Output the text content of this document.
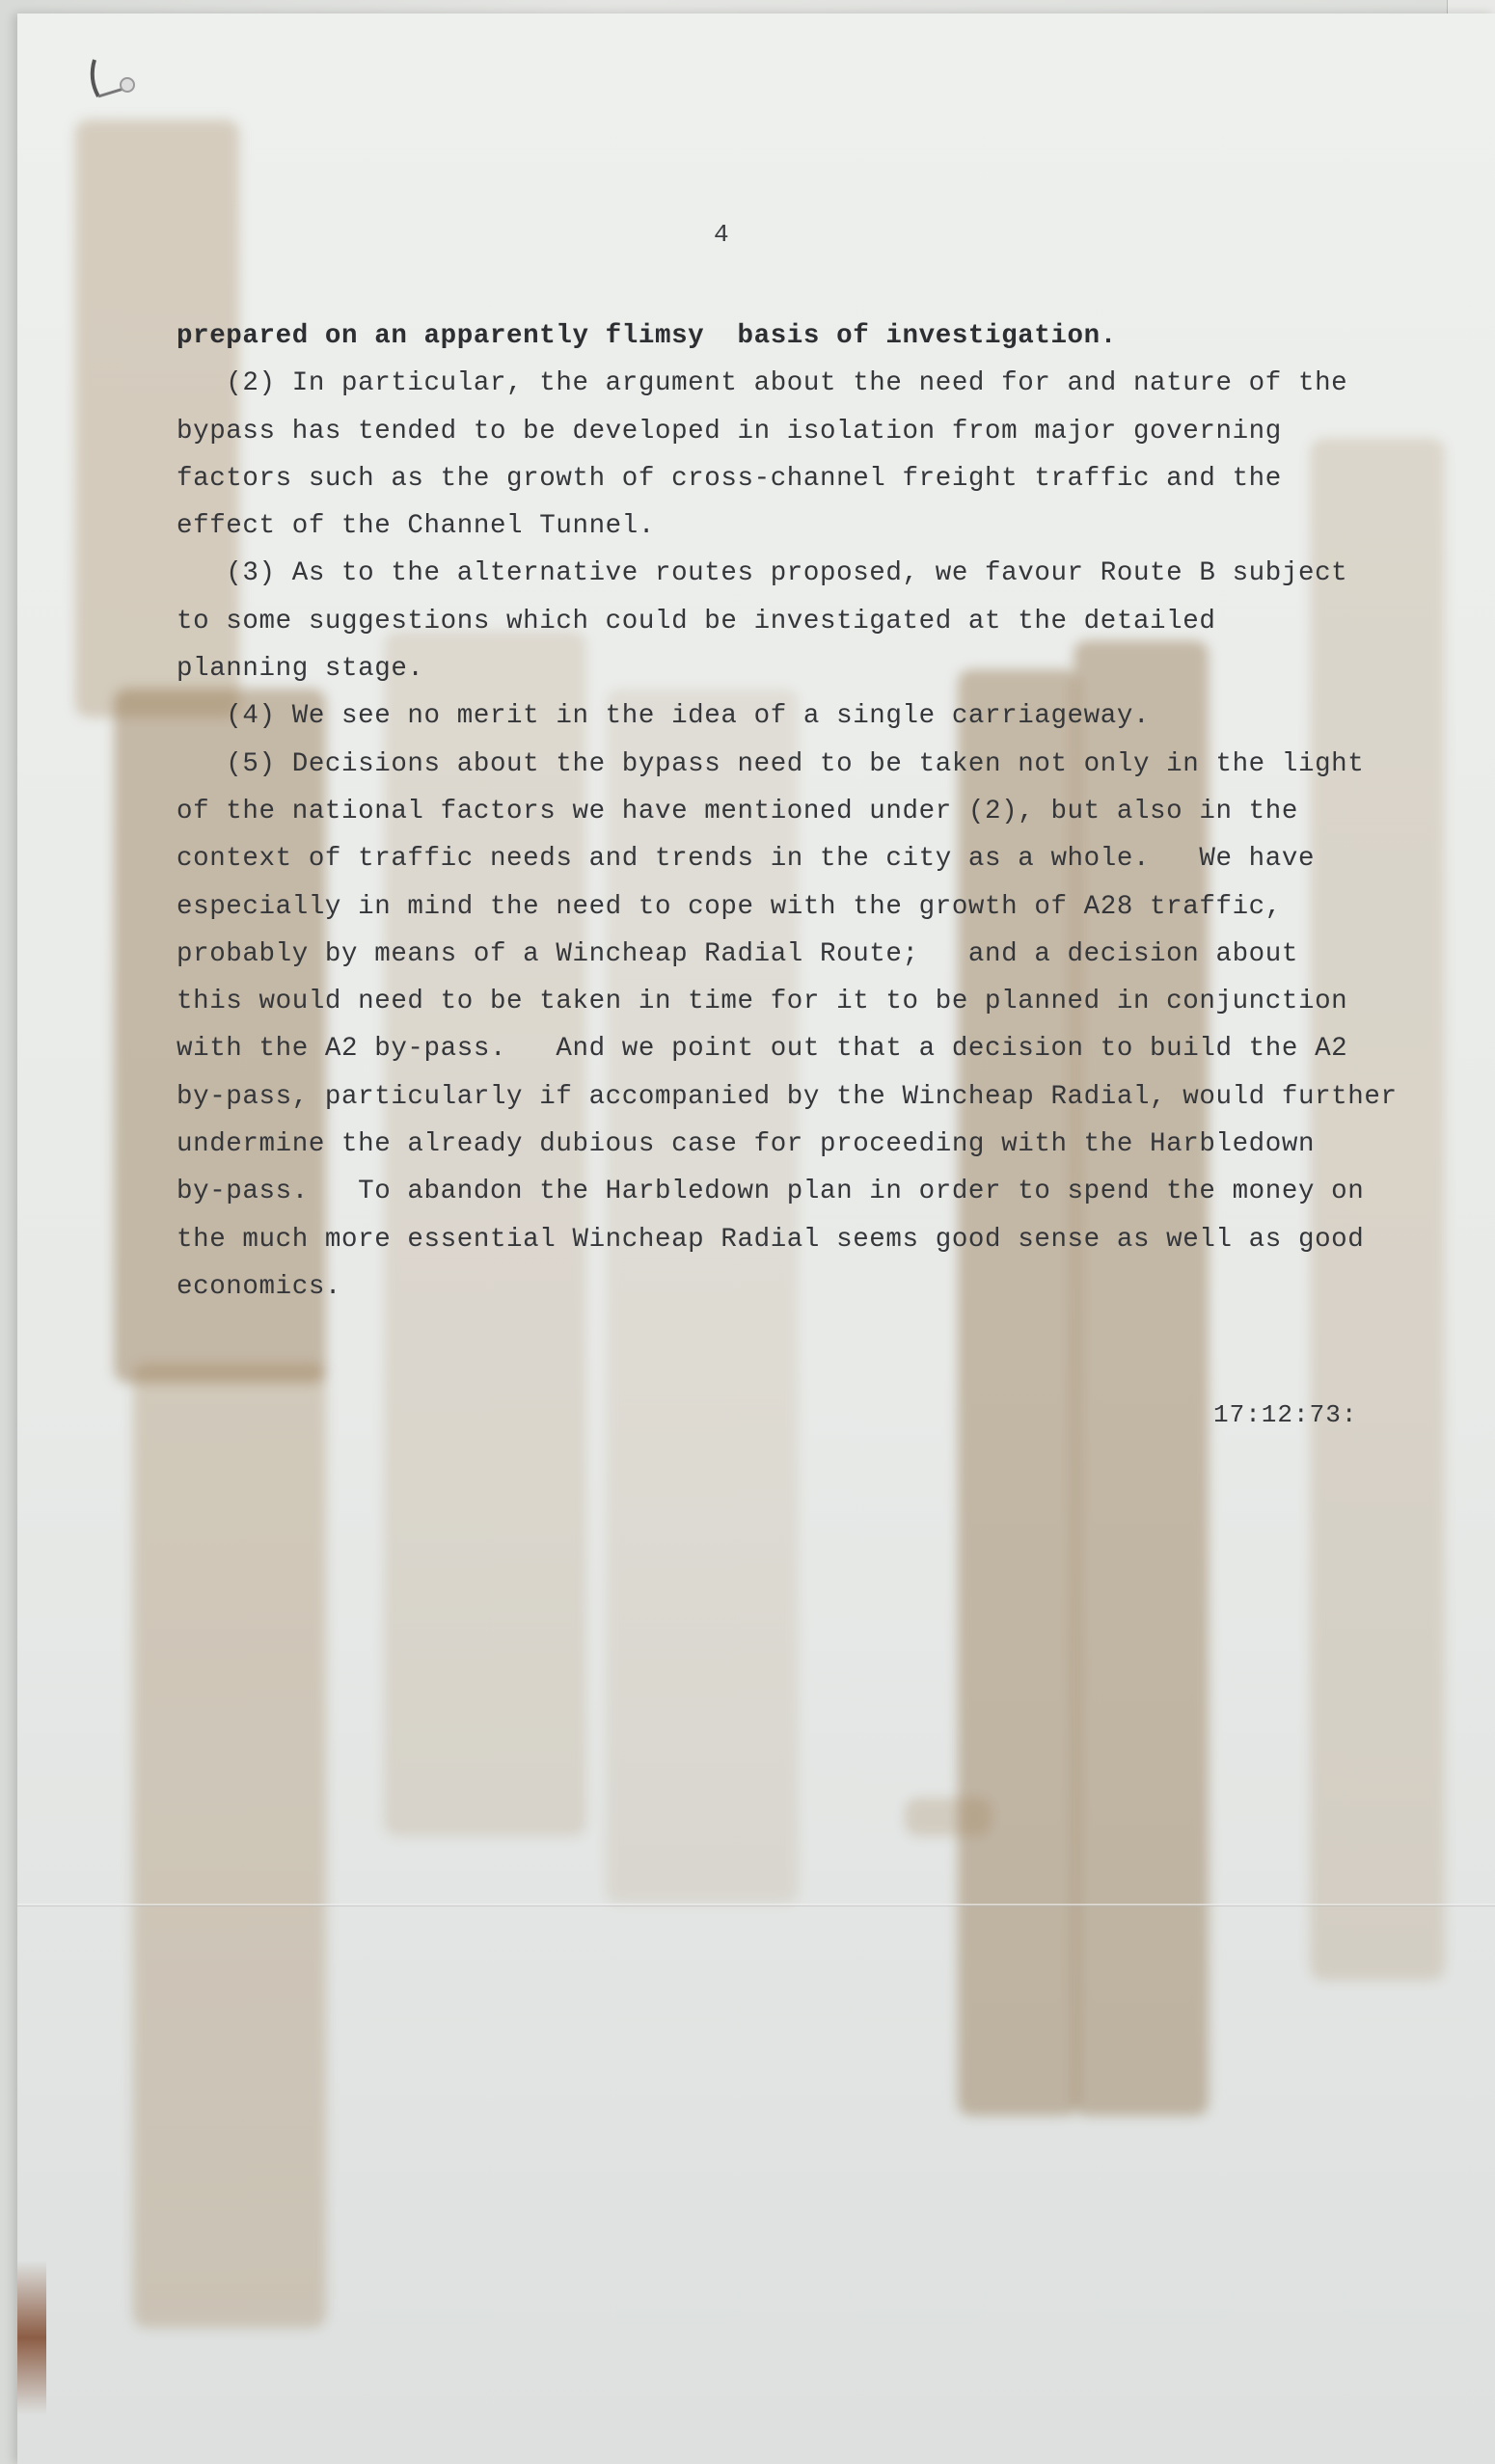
4
prepared on an apparently flimsy  basis of investigation.
(2) In particular, the argument about the need for and nature of the
bypass has tended to be developed in isolation from major governing
factors such as the growth of cross-channel freight traffic and the
effect of the Channel Tunnel.
(3) As to the alternative routes proposed, we favour Route B subject
to some suggestions which could be investigated at the detailed
planning stage.
(4) We see no merit in the idea of a single carriageway.
(5) Decisions about the bypass need to be taken not only in the light
of the national factors we have mentioned under (2), but also in the
context of traffic needs and trends in the city as a whole.   We have
especially in mind the need to cope with the growth of A28 traffic,
probably by means of a Wincheap Radial Route;   and a decision about
this would need to be taken in time for it to be planned in conjunction
with the A2 by-pass.   And we point out that a decision to build the A2
by-pass, particularly if accompanied by the Wincheap Radial, would further
undermine the already dubious case for proceeding with the Harbledown
by-pass.   To abandon the Harbledown plan in order to spend the money on
the much more essential Wincheap Radial seems good sense as well as good
economics.
17:12:73:
